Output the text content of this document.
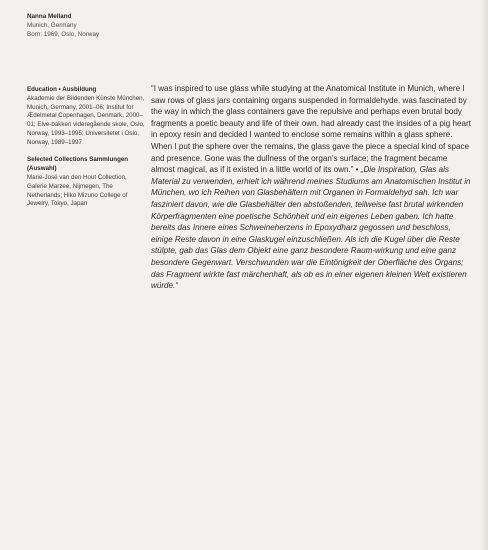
Nanna Melland
Munich, Germany
Born: 1969, Oslo, Norway
Education • Ausbildung
Akademie der Bildenden Künste München, Munich, Germany, 2001–06; Institut for Ædelmetal Copenhagen, Denmark, 2000–01; Elve-bakken videregående skole, Oslo, Norway, 1993–1995; Universitetet i Oslo, Norway, 1989–1997
Selected Collections Sammlungen (Auswahl)
Marie-José van den Hout Collection, Galerie Marzee, Nijmegen, The Netherlands; Hiko Mizuno College of Jewelry, Tokyo, Japan

“I was inspired to use glass while studying at the Anatomical Institute in Munich, where I saw rows of glass jars containing organs suspended in formaldehyde. was fascinated by the way in which the glass containers gave the repulsive and perhaps even brutal body fragments a poetic beauty and life of their own. had already cast the insides of a pig heart in epoxy resin and decided I wanted to enclose some remains within a glass sphere. When I put the sphere over the remains, the glass gave the piece a special kind of space and presence. Gone was the dullness of the organ’s surface; the fragment became almost magical, as if it existed in a little world of its own.” • „Die Inspiration, Glas als Material zu verwenden, erhielt ich während meines Studiums am Anatomischen Institut in München, wo ich Reihen von Glasbehältern mit Organen in Formaldehyd sah. Ich war fasziniert davon, wie die Glasbehälter den abstoßenden, teilweise fast brutal wirkenden Körperfragmenten eine poetische Schönheit und ein eigenes Leben gaben. Ich hatte bereits das Innere eines Schweineherzens in Epoxydharz gegossen und beschloss, einige Reste davon in eine Glaskugel einzuschließen. Als ich die Kugel über die Reste stülpte, gab das Glas dem Objekt eine ganz besondere Raum-wirkung und eine ganz besondere Gegenwart. Verschwunden war die Eintönigkeit der Oberfläche des Organs; das Fragment wirkte fast märchenhaft, als ob es in einer eigenen kleinen Welt existieren würde.“
